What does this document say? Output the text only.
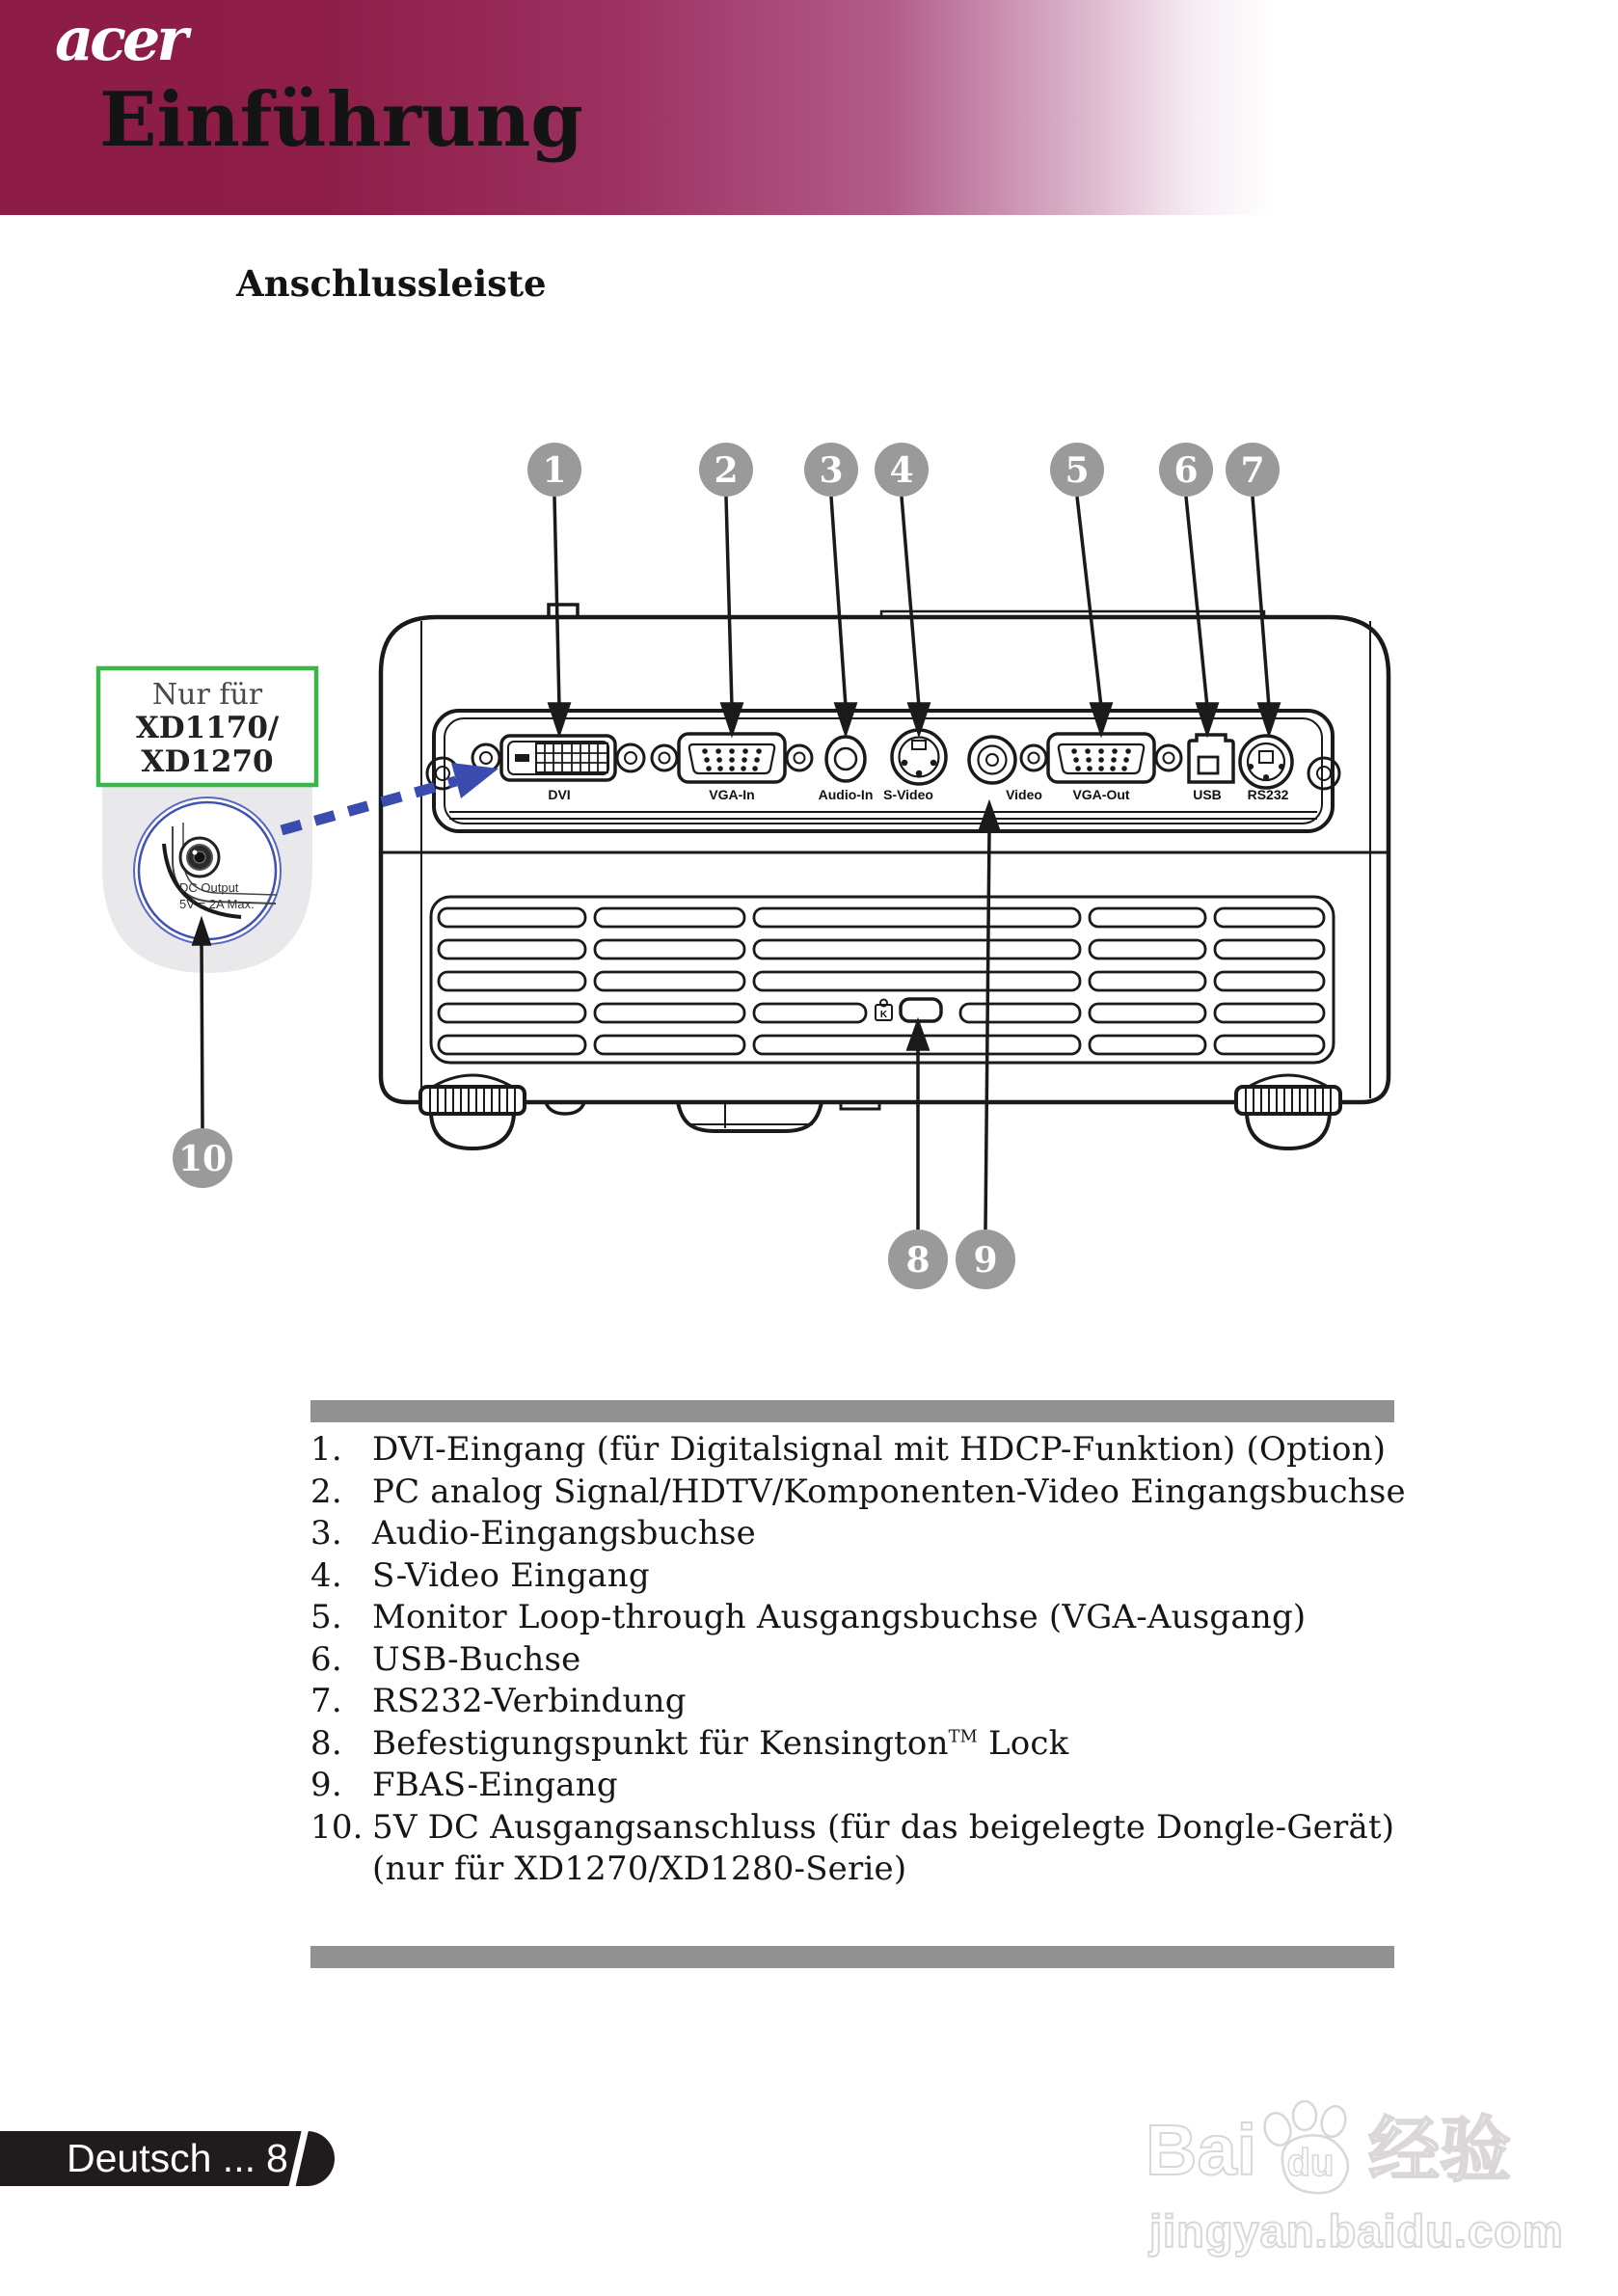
acer
Einführung
Anschlussleiste
Nur für
XD1170/
XD1270
DC Output
5V = 2A Max.
1	2 3 4	5 6 7
8 9
10
DVI	VGA-In	Audio-In S-Video	Video VGA-Out	USB RS232
K
1. DVI-Eingang (für Digitalsignal mit HDCP-Funktion) (Option)
2. PC analog Signal/HDTV/Komponenten-Video Eingangsbuchse
3. Audio-Eingangsbuchse
4. S-Video Eingang
5. Monitor Loop-through Ausgangsbuchse (VGA-Ausgang)
6. USB-Buchse
7. RS232-Verbindung
8. Befestigungspunkt für Kensington™ Lock
9. FBAS-Eingang
10. 5V DC Ausgangsanschluss (für das beigelegte Dongle-Gerät)
(nur für XD1270/XD1280-Serie)
Deutsch ... 8	Bai du 经验
jingyan.baidu.com
